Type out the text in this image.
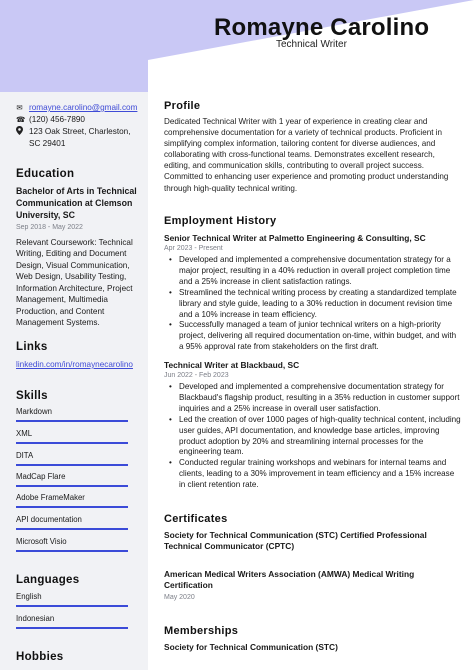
Romayne Carolino
Technical Writer
✉ romayne.carolino@gmail.com
☎ (120) 456-7890
123 Oak Street, Charleston, SC 29401
Education
Bachelor of Arts in Technical Communication at Clemson University, SC
Sep 2018 - May 2022
Relevant Coursework: Technical Writing, Editing and Document Design, Visual Communication, Web Design, Usability Testing, Information Architecture, Project Management, Multimedia Production, and Content Management Systems.
Links
linkedin.com/in/romaynecarolino
Skills
Markdown
XML
DITA
MadCap Flare
Adobe FrameMaker
API documentation
Microsoft Visio
Languages
English
Indonesian
Hobbies
Profile
Dedicated Technical Writer with 1 year of experience in creating clear and comprehensive documentation for a variety of technical products. Proficient in simplifying complex information, tailoring content for diverse audiences, and collaborating with cross-functional teams. Demonstrates excellent research, editing, and communication skills, contributing to overall project success. Committed to enhancing user experience and promoting product understanding through high-quality technical writing.
Employment History
Senior Technical Writer at Palmetto Engineering & Consulting, SC
Apr 2023 - Present
• Developed and implemented a comprehensive documentation strategy for a major project, resulting in a 40% reduction in overall project completion time and a 25% increase in client satisfaction ratings.
• Streamlined the technical writing process by creating a standardized template library and style guide, leading to a 30% reduction in document revision time and a 10% increase in team efficiency.
• Successfully managed a team of junior technical writers on a high-priority project, delivering all required documentation on-time, within budget, and with a 95% approval rate from stakeholders on the first draft.
Technical Writer at Blackbaud, SC
Jun 2022 - Feb 2023
• Developed and implemented a comprehensive documentation strategy for Blackbaud's flagship product, resulting in a 35% reduction in customer support inquiries and a 25% increase in overall user satisfaction.
• Led the creation of over 1000 pages of high-quality technical content, including user guides, API documentation, and knowledge base articles, improving product adoption by 20% and streamlining internal processes for the engineering team.
• Conducted regular training workshops and webinars for internal teams and clients, leading to a 30% improvement in team efficiency and a 15% increase in client retention rate.
Certificates
Society for Technical Communication (STC) Certified Professional Technical Communicator (CPTC)
American Medical Writers Association (AMWA) Medical Writing Certification
May 2020
Memberships
Society for Technical Communication (STC)
